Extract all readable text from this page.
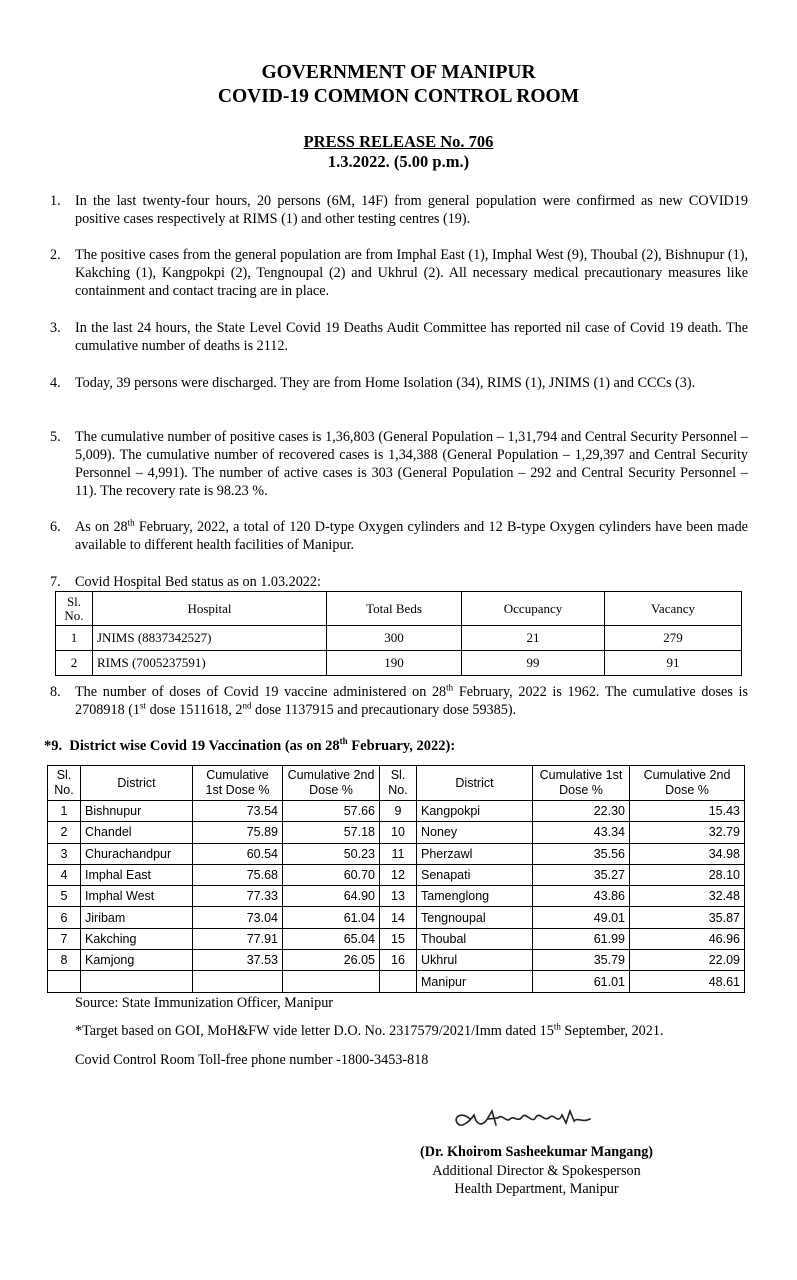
GOVERNMENT OF MANIPUR
COVID-19 COMMON CONTROL ROOM
PRESS RELEASE No. 706
1.3.2022. (5.00 p.m.)
1.	In the last twenty-four hours, 20 persons (6M, 14F) from general population were confirmed as new COVID19 positive cases respectively at RIMS (1) and other testing centres (19).
2.	The positive cases from the general population are from Imphal East (1), Imphal West (9), Thoubal (2), Bishnupur (1), Kakching (1), Kangpokpi (2), Tengnoupal (2) and Ukhrul (2). All necessary medical precautionary measures like containment and contact tracing are in place.
3.	In the last 24 hours, the State Level Covid 19 Deaths Audit Committee has reported nil case of Covid 19 death. The cumulative number of deaths is 2112.
4.	Today, 39 persons were discharged. They are from Home Isolation (34), RIMS (1), JNIMS (1) and CCCs (3).
5.	The cumulative number of positive cases is 1,36,803 (General Population – 1,31,794 and Central Security Personnel – 5,009). The cumulative number of recovered cases is 1,34,388 (General Population – 1,29,397 and Central Security Personnel – 4,991). The number of active cases is 303 (General Population – 292 and Central Security Personnel – 11). The recovery rate is 98.23 %.
6.	As on 28th February, 2022, a total of 120 D-type Oxygen cylinders and 12 B-type Oxygen cylinders have been made available to different health facilities of Manipur.
7.	Covid Hospital Bed status as on 1.03.2022:
Sl. No.	Hospital	Total Beds	Occupancy	Vacancy
1	JNIMS (8837342527)	300	21	279
2	RIMS (7005237591)	190	99	91
8.	The number of doses of Covid 19 vaccine administered on 28th February, 2022 is 1962. The cumulative doses is 2708918 (1st dose 1511618, 2nd dose 1137915 and precautionary dose 59385).
*9.  District wise Covid 19 Vaccination (as on 28th February, 2022):
Sl. No.	District	Cumulative 1st Dose %	Cumulative 2nd Dose %	Sl. No.	District	Cumulative 1st Dose %	Cumulative 2nd Dose %
1	Bishnupur	73.54	57.66	9	Kangpokpi	22.30	15.43
2	Chandel	75.89	57.18	10	Noney	43.34	32.79
3	Churachandpur	60.54	50.23	11	Pherzawl	35.56	34.98
4	Imphal East	75.68	60.70	12	Senapati	35.27	28.10
5	Imphal West	77.33	64.90	13	Tamenglong	43.86	32.48
6	Jiribam	73.04	61.04	14	Tengnoupal	49.01	35.87
7	Kakching	77.91	65.04	15	Thoubal	61.99	46.96
8	Kamjong	37.53	26.05	16	Ukhrul	35.79	22.09
					Manipur	61.01	48.61
Source: State Immunization Officer, Manipur
*Target based on GOI, MoH&FW vide letter D.O. No. 2317579/2021/Imm dated 15th September, 2021.
Covid Control Room Toll-free phone number -1800-3453-818
(Dr. Khoirom Sasheekumar Mangang)
Additional Director & Spokesperson
Health Department, Manipur
